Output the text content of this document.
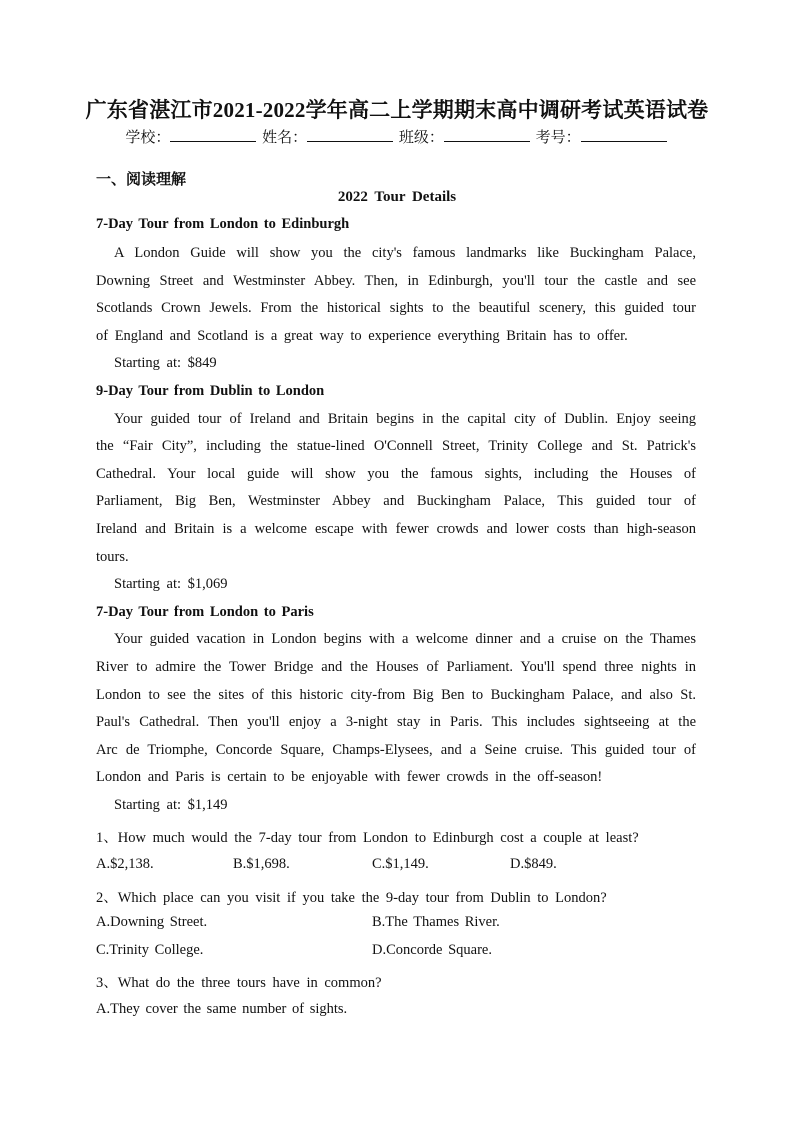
广东省湛江市2021-2022学年高二上学期期末高中调研考试英语试卷
学校：	姓名：	班级：	考号：
一、阅读理解
2022 Tour Details
7-Day Tour from London to Edinburgh
A London Guide will show you the city's famous landmarks like Buckingham Palace,
Downing Street and Westminster Abbey. Then, in Edinburgh, you'll tour the castle and see
Scotlands Crown Jewels. From the historical sights to the beautiful scenery, this guided tour
of England and Scotland is a great way to experience everything Britain has to offer.
Starting at: $849
9-Day Tour from Dublin to London
Your guided tour of Ireland and Britain begins in the capital city of Dublin. Enjoy seeing
the “Fair City”, including the statue-lined O'Connell Street, Trinity College and St. Patrick's
Cathedral. Your local guide will show you the famous sights, including the Houses of
Parliament, Big Ben, Westminster Abbey and Buckingham Palace, This guided tour of
Ireland and Britain is a welcome escape with fewer crowds and lower costs than high-season
tours.
Starting at: $1,069
7-Day Tour from London to Paris
Your guided vacation in London begins with a welcome dinner and a cruise on the Thames
River to admire the Tower Bridge and the Houses of Parliament. You'll spend three nights in
London to see the sites of this historic city-from Big Ben to Buckingham Palace, and also St.
Paul's Cathedral. Then you'll enjoy a 3-night stay in Paris. This includes sightseeing at the
Arc de Triomphe, Concorde Square, Champs-Elysees, and a Seine cruise. This guided tour of
London and Paris is certain to be enjoyable with fewer crowds in the off-season!
Starting at: $1,149
1、How much would the 7-day tour from London to Edinburgh cost a couple at least?
A.$2,138.	B.$1,698.	C.$1,149.	D.$849.
2、Which place can you visit if you take the 9-day tour from Dublin to London?
A.Downing Street.	B.The Thames River.
C.Trinity College.	D.Concorde Square.
3、What do the three tours have in common?
A.They cover the same number of sights.
